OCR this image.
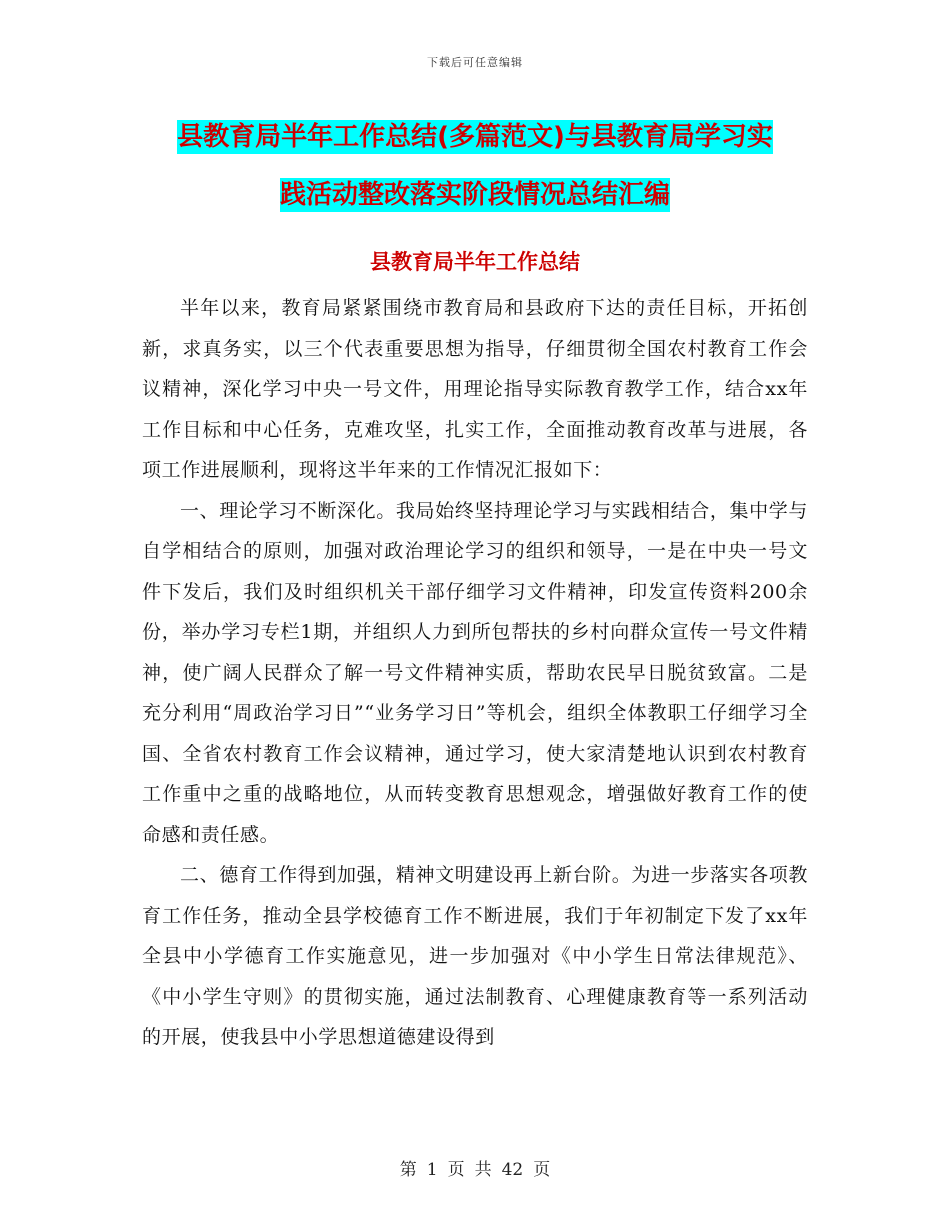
下载后可任意编辑
县教育局半年工作总结(多篇范文)与县教育局学习实
践活动整改落实阶段情况总结汇编
县教育局半年工作总结

半年以来，教育局紧紧围绕市教育局和县政府下达的责任目标，开拓创新，求真务实，以三个代表重要思想为指导，仔细贯彻全国农村教育工作会议精神，深化学习中央一号文件，用理论指导实际教育教学工作，结合xx年工作目标和中心任务，克难攻坚，扎实工作，全面推动教育改革与进展，各项工作进展顺利，现将这半年来的工作情况汇报如下：

一、理论学习不断深化。我局始终坚持理论学习与实践相结合，集中学与自学相结合的原则，加强对政治理论学习的组织和领导，一是在中央一号文件下发后，我们及时组织机关干部仔细学习文件精神，印发宣传资料200余份，举办学习专栏1期，并组织人力到所包帮扶的乡村向群众宣传一号文件精神，使广阔人民群众了解一号文件精神实质，帮助农民早日脱贫致富。二是充分利用“周政治学习日”“业务学习日”等机会，组织全体教职工仔细学习全国、全省农村教育工作会议精神，通过学习，使大家清楚地认识到农村教育工作重中之重的战略地位，从而转变教育思想观念，增强做好教育工作的使命感和责任感。

二、德育工作得到加强，精神文明建设再上新台阶。为进一步落实各项教育工作任务，推动全县学校德育工作不断进展，我们于年初制定下发了xx年全县中小学德育工作实施意见，进一步加强对《中小学生日常法律规范》、《中小学生守则》的贯彻实施，通过法制教育、心理健康教育等一系列活动的开展，使我县中小学思想道德建设得到

第 1 页 共 42 页
